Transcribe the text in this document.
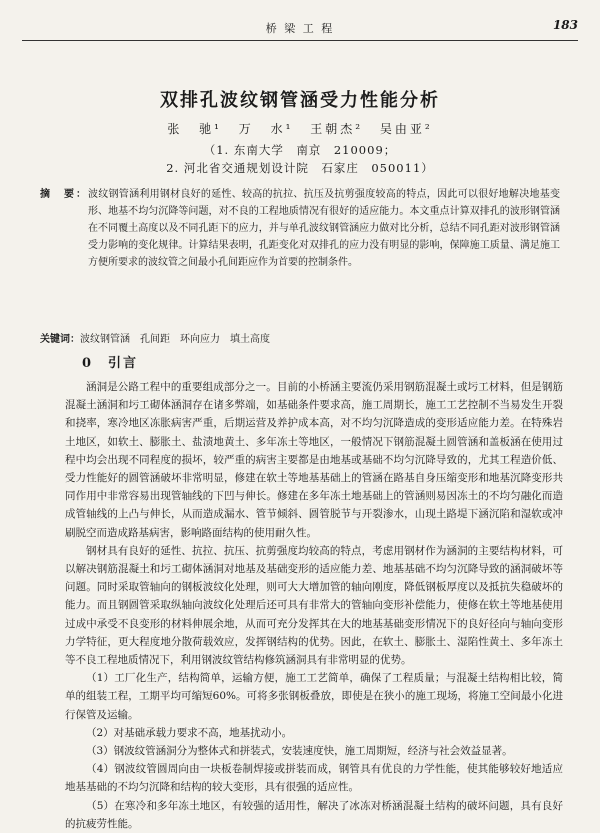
桥 梁 工 程	183
双排孔波纹钢管涵受力性能分析
张 驰¹ 万 水¹ 王朝杰² 吴由亚²
（1. 东南大学　南京　210009；
2. 河北省交通规划设计院　石家庄　050011）
摘　要： 波纹钢管涵利用钢材良好的延性、较高的抗拉、抗压及抗剪强度较高的特点，因此可以很好地解决地基变形、地基不均匀沉降等问题，对不良的工程地质情况有很好的适应能力。本文重点计算双排孔的波形钢管涵在不同覆土高度以及不同孔距下的应力，并与单孔波纹钢管涵应力做对比分析，总结不同孔距对波形钢管涵受力影响的变化规律。计算结果表明，孔距变化对双排孔的应力没有明显的影响，保障施工质量、满足施工方便所要求的波纹管之间最小孔间距应作为首要的控制条件。
关键词：波纹钢管涵　孔间距　环向应力　填土高度
0　引言

涵洞是公路工程中的重要组成部分之一。目前的小桥涵主要流仍采用钢筋混凝土或圬工材料，但是钢筋混凝土涵洞和圬工砌体涵洞存在诸多弊端，如基础条件要求高，施工周期长，施工工艺控制不当易发生开裂和挠率，寒冷地区冻胀病害严重，后期运营及养护成本高，对不均匀沉降造成的变形适应能力差。在特殊岩土地区，如软土、膨胀土、盐渍地黄土、多年冻土等地区，一般情况下钢筋混凝土圆管涵和盖板涵在使用过程中均会出现不同程度的损坏，较严重的病害主要都是由地基或基础不均匀沉降导致的，尤其工程造价低、受力性能好的圆管涵破坏非常明显，修建在软土等地基基础上的管涵在路基自身压缩变形和地基沉降变形共同作用中非常容易出现管轴线的下凹与伸长。修建在多年冻土地基础上的管涵则易因冻土的不均匀融化而造成管轴线的上凸与伸长，从而造成漏水、管节倾斜、圆管脱节与开裂渗水，山现土路堤下涵沉陷和湿软或冲刷脱空而造成路基病害，影响路面结构的使用耐久性。

钢材具有良好的延性、抗拉、抗压、抗剪强度均较高的特点，考虑用钢材作为涵洞的主要结构材料，可以解决钢筋混凝土和圬工砌体涵洞对地基及基础变形的适应能力差、地基基础不均匀沉降导致的涵洞破坏等问题。同时采取管轴向的钢板波纹化处理，则可大大增加管的轴向刚度，降低钢板厚度以及抵抗失稳破坏的能力。而且钢圆管采取纵轴向波纹化处理后还可具有非常大的管轴向变形补偿能力，使修在软土等地基使用过成中承受不良变形的材料伸展余地，从而可充分发挥其在大的地基基础变形情况下的良好径向与轴向变形力学特征，更大程度地分散荷载效应，发挥钢结构的优势。因此，在软土、膨胀土、湿陷性黄土、多年冻土等不良工程地质情况下，利用钢波纹管结构修筑涵洞具有非常明显的优势。

（1）工厂化生产，结构简单，运输方便，施工工艺简单，确保了工程质量；与混凝土结构相比较，简单的组装工程，工期平均可缩短60%。可将多张钢板叠放，即使是在狭小的施工现场，将施工空间最小化进行保管及运输。

（2）对基础承载力要求不高，地基扰动小。

（3）钢波纹管涵洞分为整体式和拼装式，安装速度快，施工周期短，经济与社会效益显著。

（4）钢波纹管圆周向由一块板卷制焊接或拼装而成，钢管具有优良的力学性能，使其能够较好地适应地基基础的不均匀沉降和结构的较大变形，具有很强的适应性。

（5）在寒冷和多年冻土地区，有较强的适用性，解决了冰冻对桥涵混凝土结构的破坏问题，具有良好的抗疲劳性能。
